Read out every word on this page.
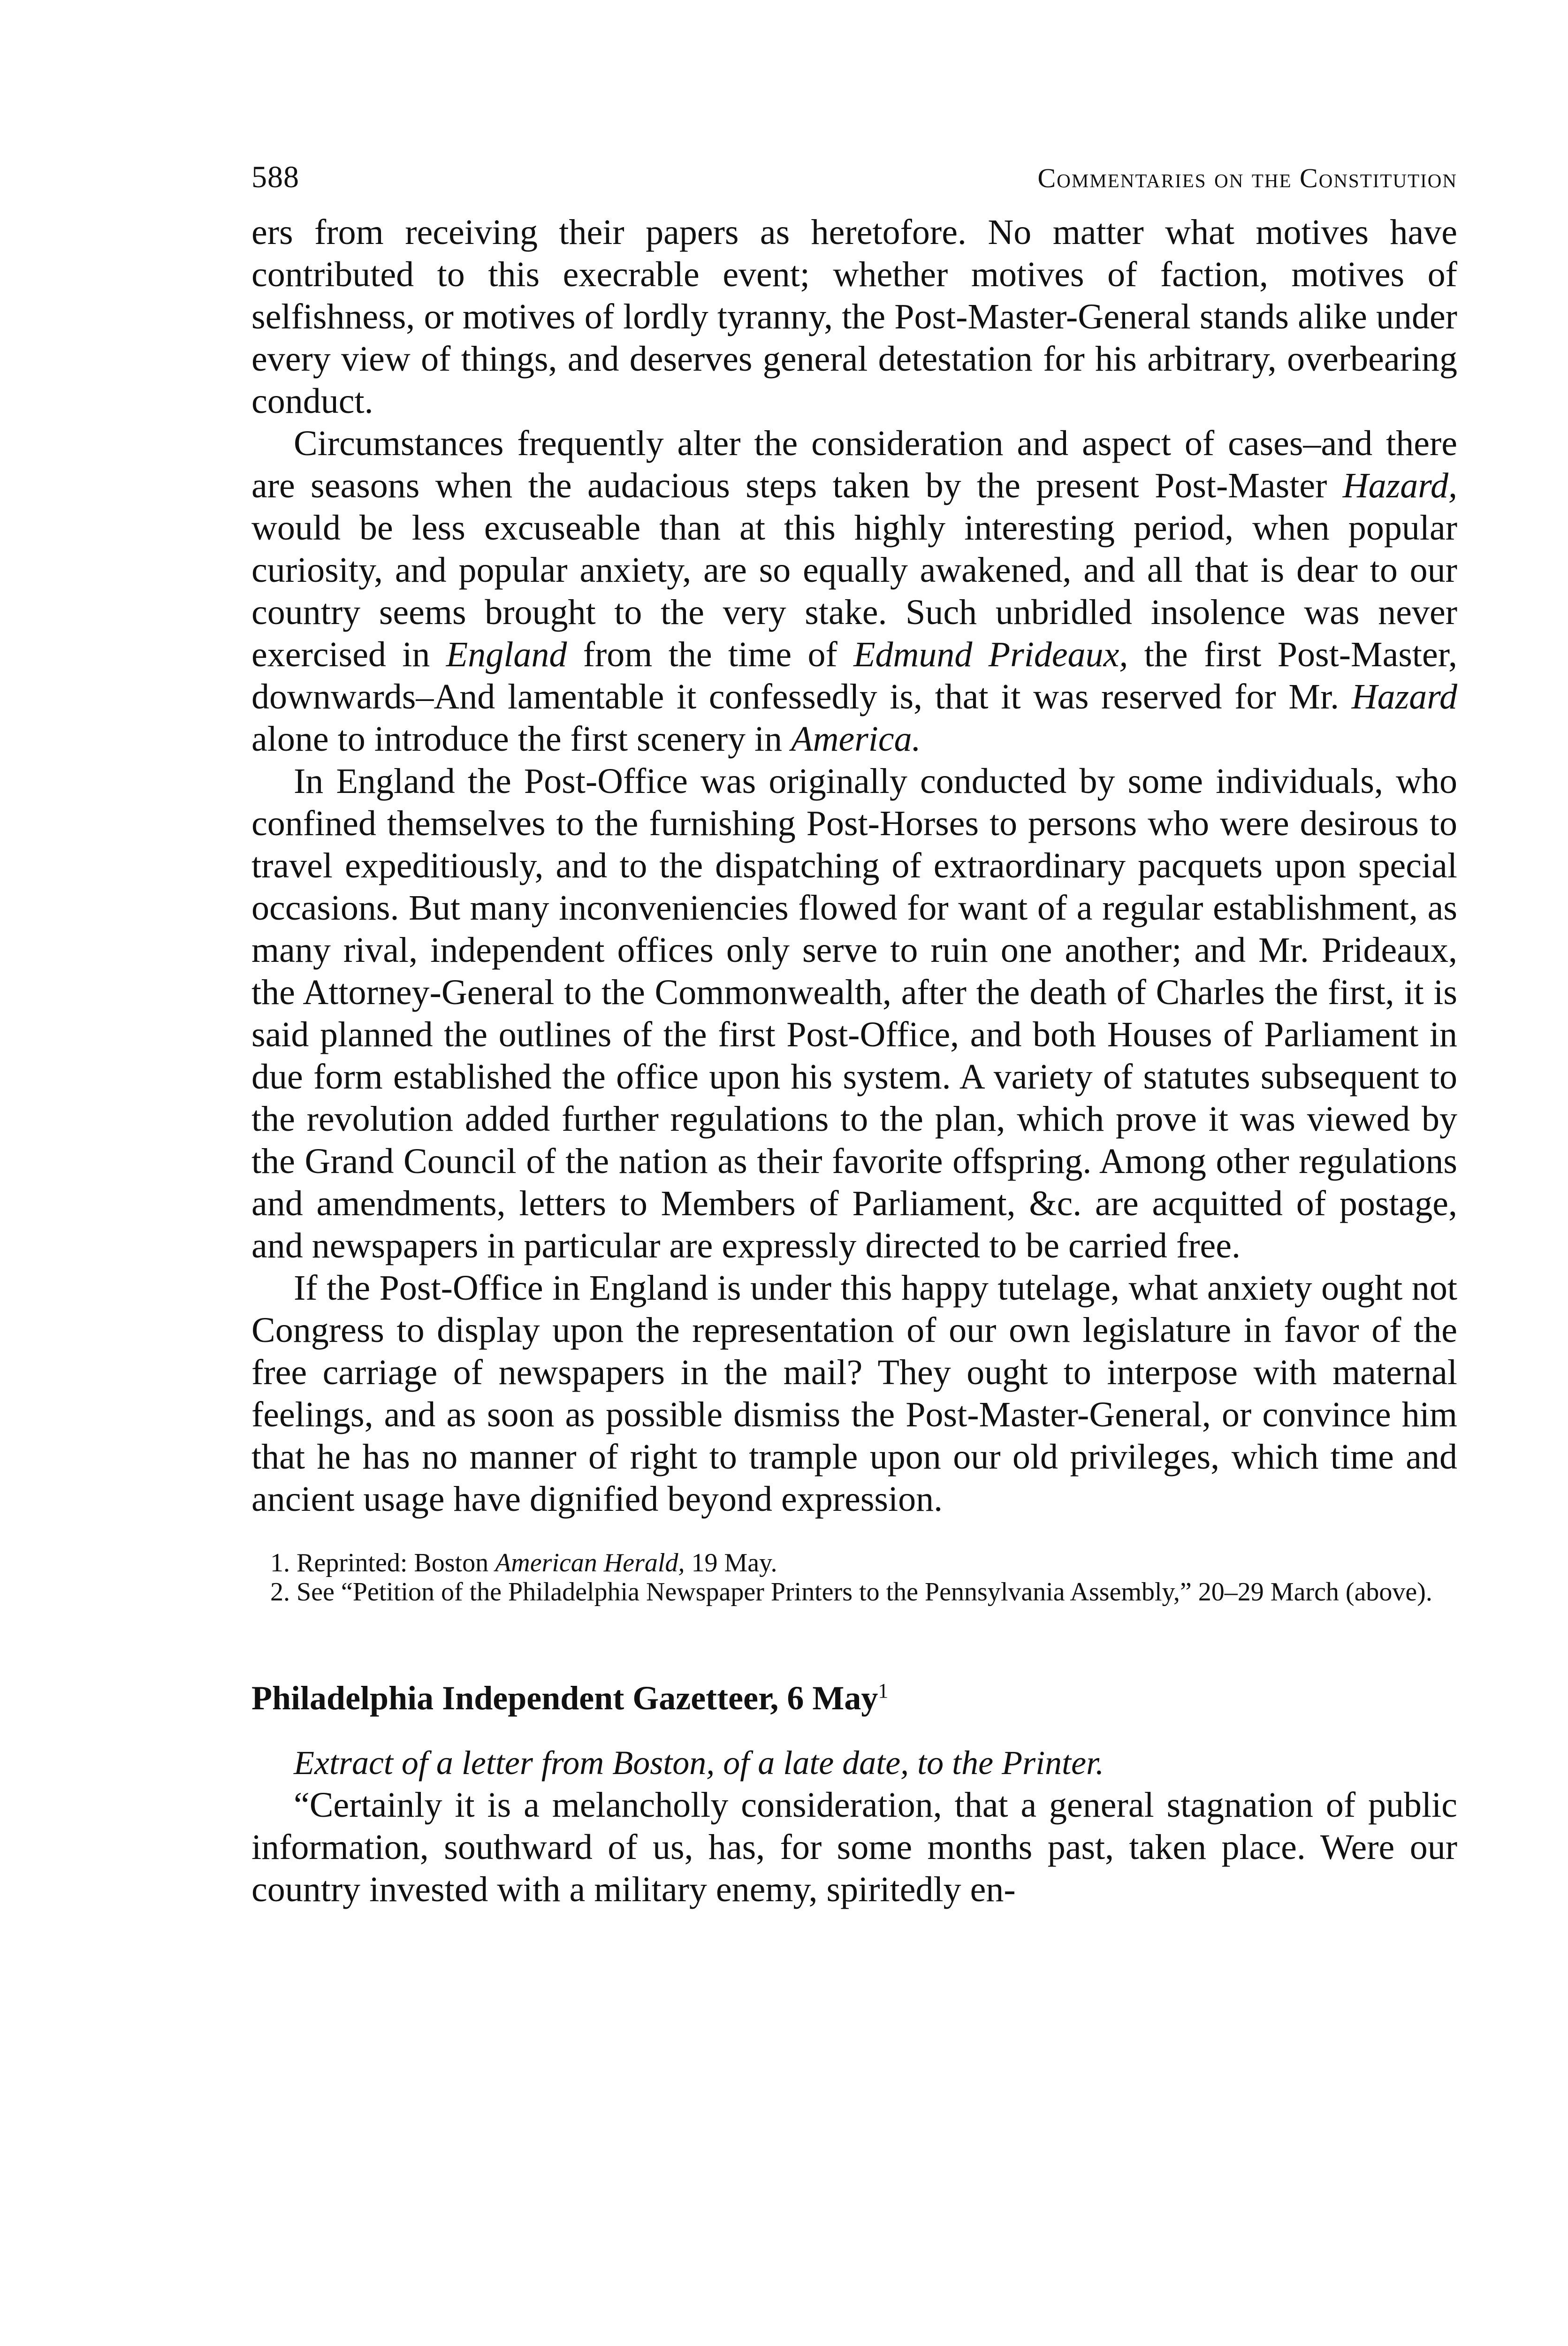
588	Commentaries on the Constitution

ers from receiving their papers as heretofore. No matter what motives have contributed to this execrable event; whether motives of faction, motives of selfishness, or motives of lordly tyranny, the Post-Master-General stands alike under every view of things, and deserves general detestation for his arbitrary, overbearing conduct.

Circumstances frequently alter the consideration and aspect of cases–and there are seasons when the audacious steps taken by the present Post-Master Hazard, would be less excuseable than at this highly interesting period, when popular curiosity, and popular anxiety, are so equally awakened, and all that is dear to our country seems brought to the very stake. Such unbridled insolence was never exercised in England from the time of Edmund Prideaux, the first Post-Master, downwards–And lamentable it confessedly is, that it was reserved for Mr. Hazard alone to introduce the first scenery in America.

In England the Post-Office was originally conducted by some individuals, who confined themselves to the furnishing Post-Horses to persons who were desirous to travel expeditiously, and to the dispatching of extraordinary pacquets upon special occasions. But many inconveniencies flowed for want of a regular establishment, as many rival, independent offices only serve to ruin one another; and Mr. Prideaux, the Attorney-General to the Commonwealth, after the death of Charles the first, it is said planned the outlines of the first Post-Office, and both Houses of Parliament in due form established the office upon his system. A variety of statutes subsequent to the revolution added further regulations to the plan, which prove it was viewed by the Grand Council of the nation as their favorite offspring. Among other regulations and amendments, letters to Members of Parliament, &c. are acquitted of postage, and newspapers in particular are expressly directed to be carried free.

If the Post-Office in England is under this happy tutelage, what anxiety ought not Congress to display upon the representation of our own legislature in favor of the free carriage of newspapers in the mail? They ought to interpose with maternal feelings, and as soon as possible dismiss the Post-Master-General, or convince him that he has no manner of right to trample upon our old privileges, which time and ancient usage have dignified beyond expression.

1. Reprinted: Boston American Herald, 19 May.

2. See “Petition of the Philadelphia Newspaper Printers to the Pennsylvania Assembly,” 20–29 March (above).

Philadelphia Independent Gazetteer, 6 May$^1$
Extract of a letter from Boston, of a late date, to the Printer.

“Certainly it is a melancholly consideration, that a general stagnation of public information, southward of us, has, for some months past, taken place. Were our country invested with a military enemy, spiritedly en-
